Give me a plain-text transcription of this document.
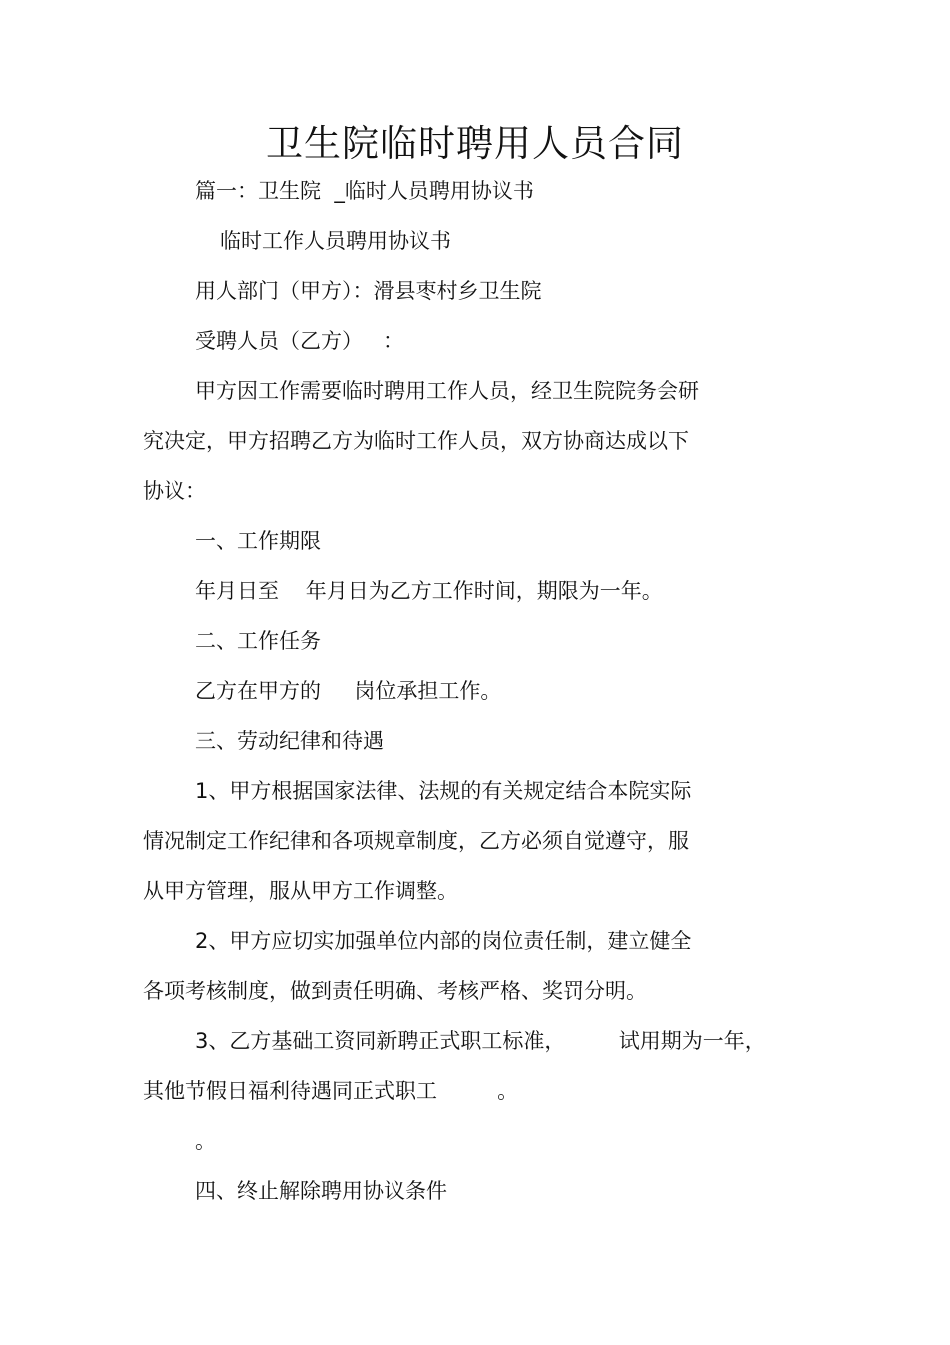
卫生院临时聘用人员合同
篇一：卫生院  _临时人员聘用协议书
临时工作人员聘用协议书
用人部门（甲方）：滑县枣村乡卫生院
受聘人员（乙方）   ：
甲方因工作需要临时聘用工作人员，经卫生院院务会研
究决定，甲方招聘乙方为临时工作人员，双方协商达成以下
协议：
一、工作期限
年月日至    年月日为乙方工作时间，期限为一年。
二、工作任务
乙方在甲方的     岗位承担工作。
三、劳动纪律和待遇
1、甲方根据国家法律、法规的有关规定结合本院实际
情况制定工作纪律和各项规章制度，乙方必须自觉遵守，服
从甲方管理，服从甲方工作调整。
2、甲方应切实加强单位内部的岗位责任制，建立健全
各项考核制度，做到责任明确、考核严格、奖罚分明。
3、乙方基础工资同新聘正式职工标准，        试用期为一年，
其他节假日福利待遇同正式职工         。
。
四、终止解除聘用协议条件
